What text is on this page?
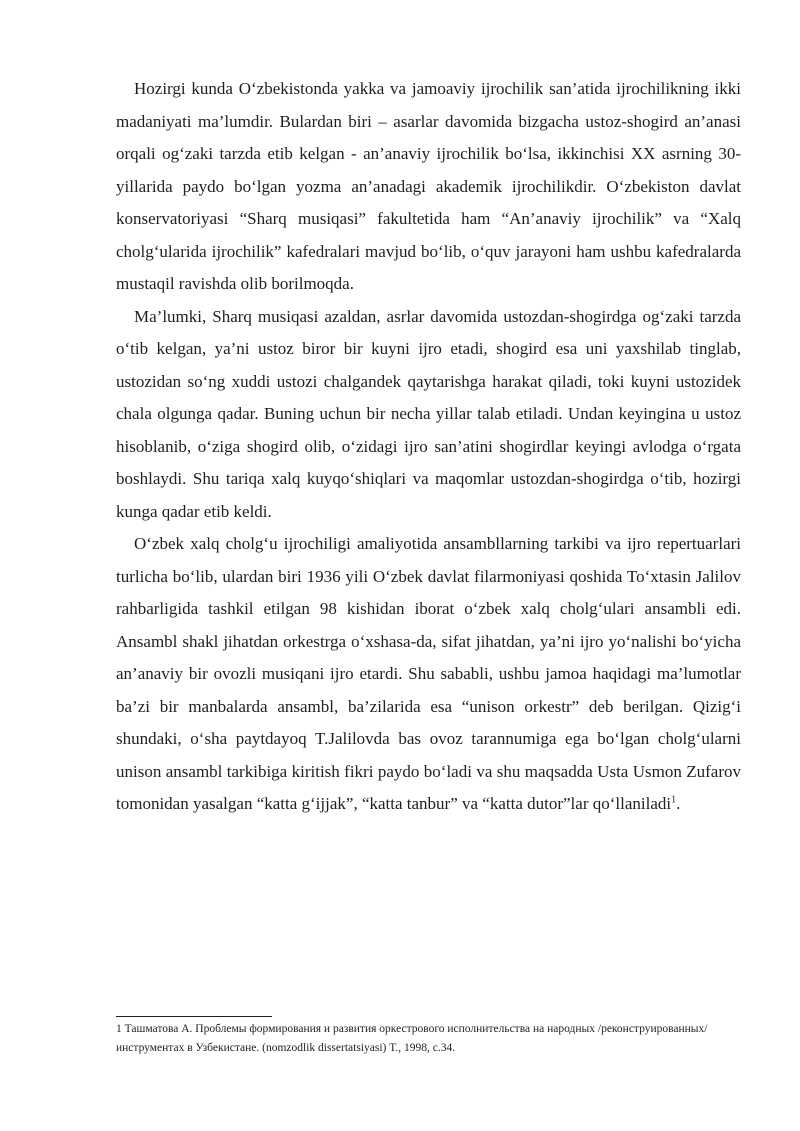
Hozirgi kunda O‘zbekistonda yakka va jamoaviy ijrochilik san’atida ijrochilikning ikki madaniyati ma’lumdir. Bulardan biri – asarlar davomida bizgacha ustoz-shogird an’anasi orqali og‘zaki tarzda etib kelgan - an’anaviy ijrochilik bo‘lsa, ikkinchisi XX asrning 30-yillarida paydo bo‘lgan yozma an’anadagi akademik ijrochilikdir. O‘zbekiston davlat konservatoriyasi “Sharq musiqasi” fakultetida ham “An’anaviy ijrochilik” va “Xalq cholg‘ularida ijrochilik” kafedralari mavjud bo‘lib, o‘quv jarayoni ham ushbu kafedralarda mustaqil ravishda olib borilmoqda.

Ma’lumki, Sharq musiqasi azaldan, asrlar davomida ustozdan-shogirdga og‘zaki tarzda o‘tib kelgan, ya’ni ustoz biror bir kuyni ijro etadi, shogird esa uni yaxshilab tinglab, ustozidan so‘ng xuddi ustozi chalgandek qaytarishga harakat qiladi, toki kuyni ustozidek chala olgunga qadar. Buning uchun bir necha yillar talab etiladi. Undan keyingina u ustoz hisoblanib, o‘ziga shogird olib, o‘zidagi ijro san’atini shogirdlar keyingi avlodga o‘rgata boshlaydi. Shu tariqa xalq kuyqo‘shiqlari va maqomlar ustozdan-shogirdga o‘tib, hozirgi kunga qadar etib keldi.

O‘zbek xalq cholg‘u ijrochiligi amaliyotida ansambllarning tarkibi va ijro repertuarlari turlicha bo‘lib, ulardan biri 1936 yili O‘zbek davlat filarmoniyasi qoshida To‘xtasin Jalilov rahbarligida tashkil etilgan 98 kishidan iborat o‘zbek xalq cholg‘ulari ansambli edi. Ansambl shakl jihatdan orkestrga o‘xshasa-da, sifat jihatdan, ya’ni ijro yo‘nalishi bo‘yicha an’anaviy bir ovozli musiqani ijro etardi. Shu sababli, ushbu jamoa haqidagi ma’lumotlar ba’zi bir manbalarda ansambl, ba’zilarida esa “unison orkestr” deb berilgan. Qizig‘i shundaki, o‘sha paytdayoq T.Jalilovda bas ovoz tarannumiga ega bo‘lgan cholg‘ularni unison ansambl tarkibiga kiritish fikri paydo bo‘ladi va shu maqsadda Usta Usmon Zufarov tomonidan yasalgan “katta g‘ijjak”, “katta tanbur” va “katta dutor”lar qo‘llaniladi$^1$.

1 Ташматова А. Проблемы формирования и развития оркестрового исполнительства на народных /реконструированных/ инструментах в Узбекистане. (nomzodlik dissertatsiyasi) T., 1998, c.34.
